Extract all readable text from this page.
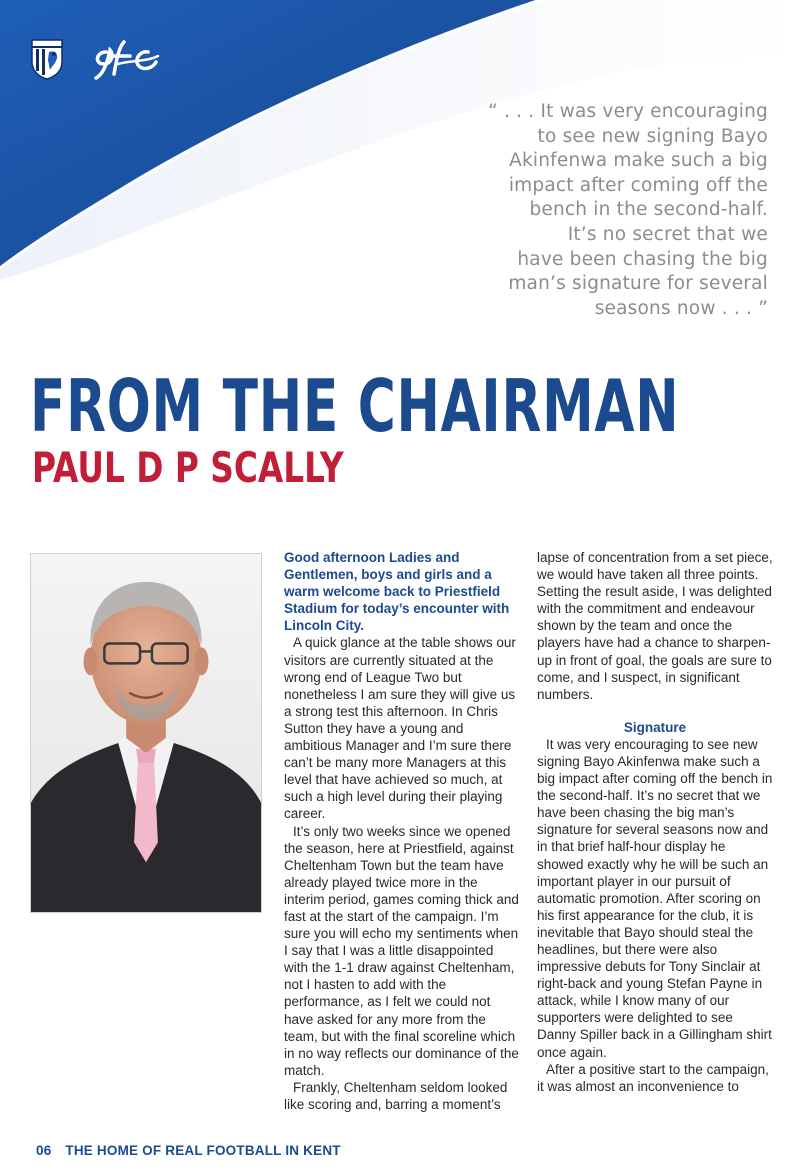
“ . . . It was very encouraging
to see new signing Bayo
Akinfenwa make such a big
impact after coming off the
bench in the second-half.
It’s no secret that we
have been chasing the big
man’s signature for several
seasons now . . . ”
FROM THE CHAIRMAN
PAUL D P SCALLY

Good afternoon Ladies and Gentlemen, boys and girls and a warm welcome back to Priestfield Stadium for today’s encounter with Lincoln City.

A quick glance at the table shows our visitors are currently situated at the wrong end of League Two but nonetheless I am sure they will give us a strong test this afternoon. In Chris Sutton they have a young and ambitious Manager and I’m sure there can’t be many more Managers at this level that have achieved so much, at such a high level during their playing career.

It’s only two weeks since we opened the season, here at Priestfield, against Cheltenham Town but the team have already played twice more in the interim period, games coming thick and fast at the start of the campaign. I’m sure you will echo my sentiments when I say that I was a little disappointed with the 1-1 draw against Cheltenham, not I hasten to add with the performance, as I felt we could not have asked for any more from the team, but with the final scoreline which in no way reflects our dominance of the match.

Frankly, Cheltenham seldom looked like scoring and, barring a moment’s

lapse of concentration from a set piece, we would have taken all three points. Setting the result aside, I was delighted with the commitment and endeavour shown by the team and once the players have had a chance to sharpen-up in front of goal, the goals are sure to come, and I suspect, in significant numbers.

Signature

It was very encouraging to see new signing Bayo Akinfenwa make such a big impact after coming off the bench in the second-half. It’s no secret that we have been chasing the big man’s signature for several seasons now and in that brief half-hour display he showed exactly why he will be such an important player in our pursuit of automatic promotion. After scoring on his first appearance for the club, it is inevitable that Bayo should steal the headlines, but there were also impressive debuts for Tony Sinclair at right-back and young Stefan Payne in attack, while I know many of our supporters were delighted to see Danny Spiller back in a Gillingham shirt once again.

After a positive start to the campaign, it was almost an inconvenience to

06 THE HOME OF REAL FOOTBALL IN KENT
